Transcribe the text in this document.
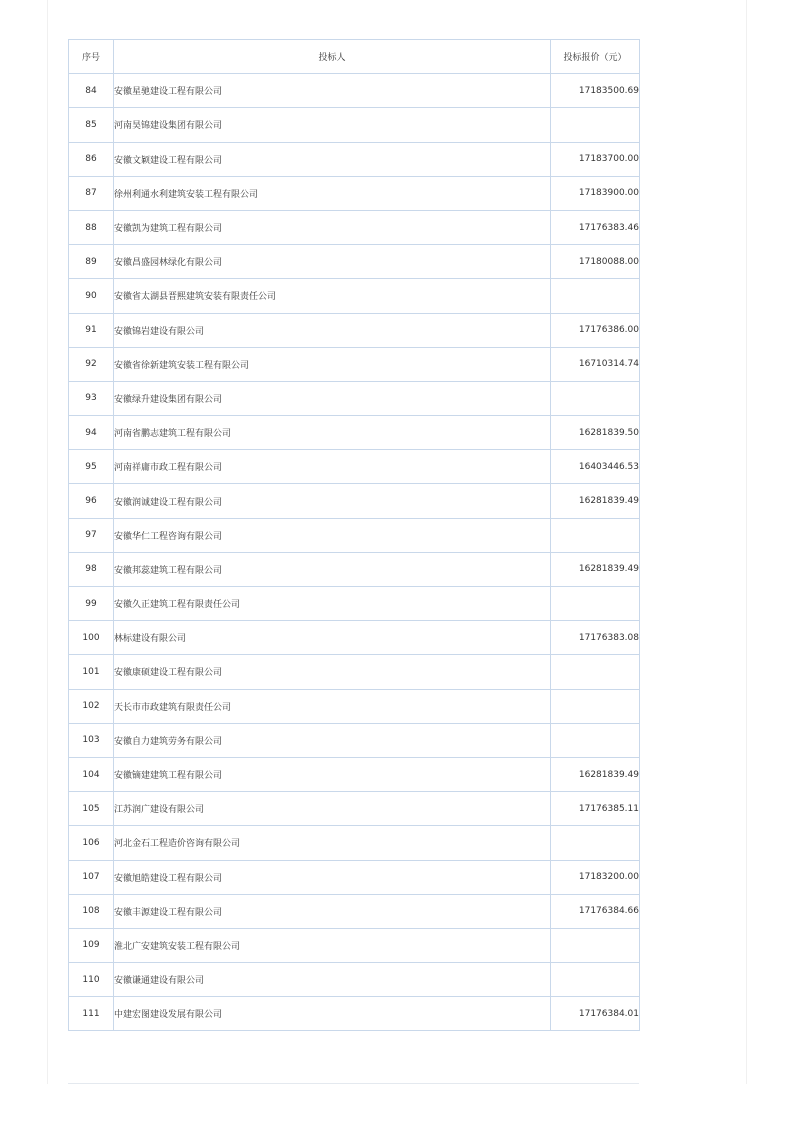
序号	投标人	投标报价（元）
84	安徽星驰建设工程有限公司	17183500.69
85	河南昊锦建设集团有限公司	
86	安徽文颖建设工程有限公司	17183700.00
87	徐州利通水利建筑安装工程有限公司	17183900.00
88	安徽凯为建筑工程有限公司	17176383.46
89	安徽昌盛园林绿化有限公司	17180088.00
90	安徽省太湖县晋熙建筑安装有限责任公司	
91	安徽锦岩建设有限公司	17176386.00
92	安徽省徐新建筑安装工程有限公司	16710314.74
93	安徽绿升建设集团有限公司	
94	河南省鹏志建筑工程有限公司	16281839.50
95	河南祥庸市政工程有限公司	16403446.53
96	安徽润诚建设工程有限公司	16281839.49
97	安徽华仁工程咨询有限公司	
98	安徽邦蕊建筑工程有限公司	16281839.49
99	安徽久正建筑工程有限责任公司	
100	林标建设有限公司	17176383.08
101	安徽康硕建设工程有限公司	
102	天长市市政建筑有限责任公司	
103	安徽自力建筑劳务有限公司	
104	安徽镝建建筑工程有限公司	16281839.49
105	江苏润广建设有限公司	17176385.11
106	河北金石工程造价咨询有限公司	
107	安徽旭皓建设工程有限公司	17183200.00
108	安徽丰源建设工程有限公司	17176384.66
109	淮北广安建筑安装工程有限公司	
110	安徽谦通建设有限公司	
111	中建宏图建设发展有限公司	17176384.01
